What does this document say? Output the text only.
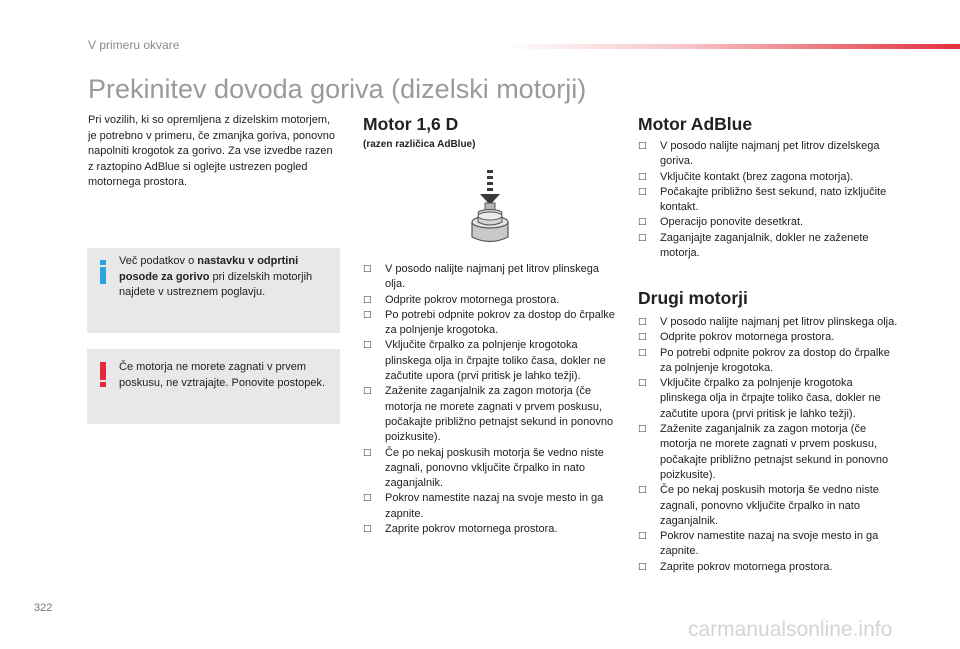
V primeru okvare
Prekinitev dovoda goriva (dizelski motorji)
Pri vozilih, ki so opremljena z dizelskim motorjem, je potrebno v primeru, če zmanjka goriva, ponovno napolniti krogotok za gorivo. Za vse izvedbe razen z raztopino AdBlue si oglejte ustrezen pogled motornega prostora.
Več podatkov o nastavku v odprtini posode za gorivo pri dizelskih motorjih najdete v ustreznem poglavju.
Če motorja ne morete zagnati v prvem poskusu, ne vztrajajte. Ponovite postopek.
Motor 1,6 D
(razen različica AdBlue)
□ V posodo nalijte najmanj pet litrov plinskega olja.
□ Odprite pokrov motornega prostora.
□ Po potrebi odpnite pokrov za dostop do črpalke za polnjenje krogotoka.
□ Vključite črpalko za polnjenje krogotoka plinskega olja in črpajte toliko časa, dokler ne začutite upora (prvi pritisk je lahko težji).
□ Zaženite zaganjalnik za zagon motorja (če motorja ne morete zagnati v prvem poskusu, počakajte približno petnajst sekund in ponovno poizkusite).
□ Če po nekaj poskusih motorja še vedno niste zagnali, ponovno vključite črpalko in nato zaganjalnik.
□ Pokrov namestite nazaj na svoje mesto in ga zapnite.
□ Zaprite pokrov motornega prostora.
Motor AdBlue
□ V posodo nalijte najmanj pet litrov dizelskega goriva.
□ Vključite kontakt (brez zagona motorja).
□ Počakajte približno šest sekund, nato izključite kontakt.
□ Operacijo ponovite desetkrat.
□ Zaganjajte zaganjalnik, dokler ne zaženete motorja.
Drugi motorji
□ V posodo nalijte najmanj pet litrov plinskega olja.
□ Odprite pokrov motornega prostora.
□ Po potrebi odpnite pokrov za dostop do črpalke za polnjenje krogotoka.
□ Vključite črpalko za polnjenje krogotoka plinskega olja in črpajte toliko časa, dokler ne začutite upora (prvi pritisk je lahko težji).
□ Zaženite zaganjalnik za zagon motorja (če motorja ne morete zagnati v prvem poskusu, počakajte približno petnajst sekund in ponovno poizkusite).
□ Če po nekaj poskusih motorja še vedno niste zagnali, ponovno vključite črpalko in nato zaganjalnik.
□ Pokrov namestite nazaj na svoje mesto in ga zapnite.
□ Zaprite pokrov motornega prostora.
322
carmanualsonline.info
